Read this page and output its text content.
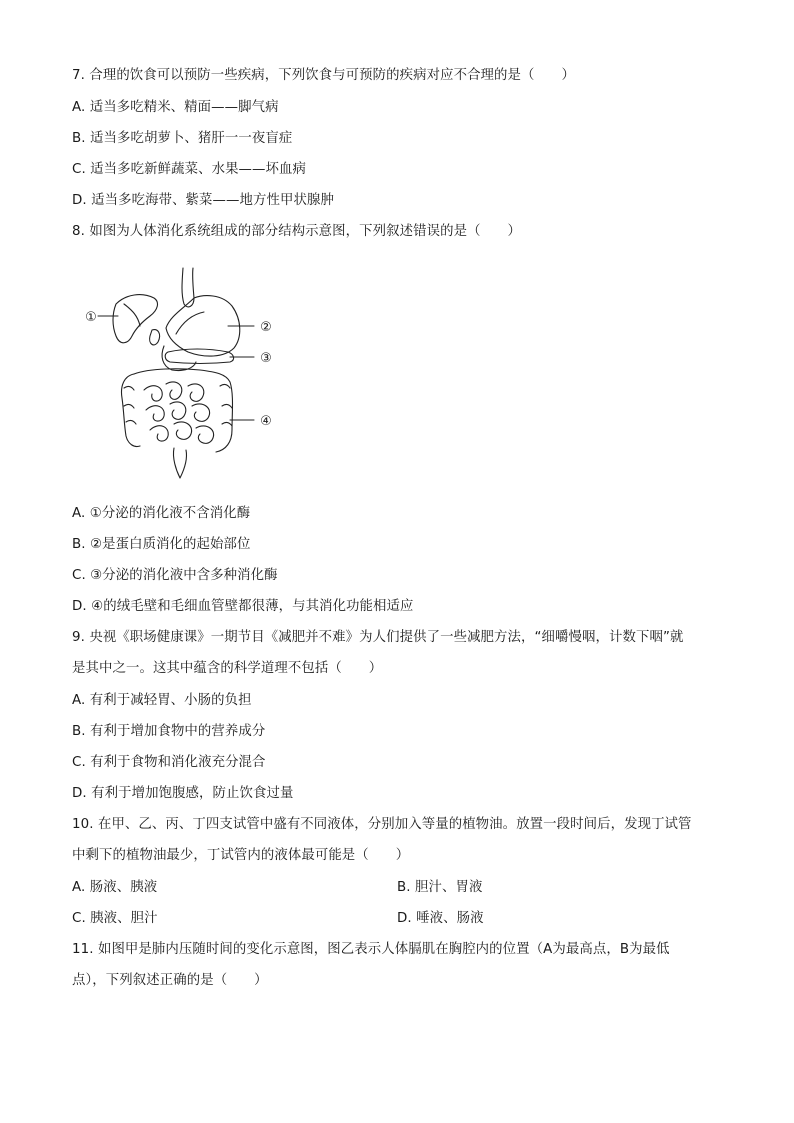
7. 合理的饮食可以预防一些疾病，下列饮食与可预防的疾病对应不合理的是（　　）
A. 适当多吃精米、精面——脚气病
B. 适当多吃胡萝卜、猪肝一一夜盲症
C. 适当多吃新鲜蔬菜、水果——坏血病
D. 适当多吃海带、紫菜——地方性甲状腺肿
8. 如图为人体消化系统组成的部分结构示意图，下列叙述错误的是（　　）
①
②
③
④
A. ①分泌的消化液不含消化酶
B. ②是蛋白质消化的起始部位
C. ③分泌的消化液中含多种消化酶
D. ④的绒毛壁和毛细血管壁都很薄，与其消化功能相适应
9. 央视《职场健康课》一期节目《减肥并不难》为人们提供了一些减肥方法，“细嚼慢咽，计数下咽”就
是其中之一。这其中蕴含的科学道理不包括（　　）
A. 有利于减轻胃、小肠的负担
B. 有利于增加食物中的营养成分
C. 有利于食物和消化液充分混合
D. 有利于增加饱腹感，防止饮食过量
10. 在甲、乙、丙、丁四支试管中盛有不同液体，分别加入等量的植物油。放置一段时间后，发现丁试管
中剩下的植物油最少，丁试管内的液体最可能是（　　）
A. 肠液、胰液	B. 胆汁、胃液
C. 胰液、胆汁	D. 唾液、肠液
11. 如图甲是肺内压随时间的变化示意图，图乙表示人体膈肌在胸腔内的位置（A为最高点，B为最低
点），下列叙述正确的是（　　）
